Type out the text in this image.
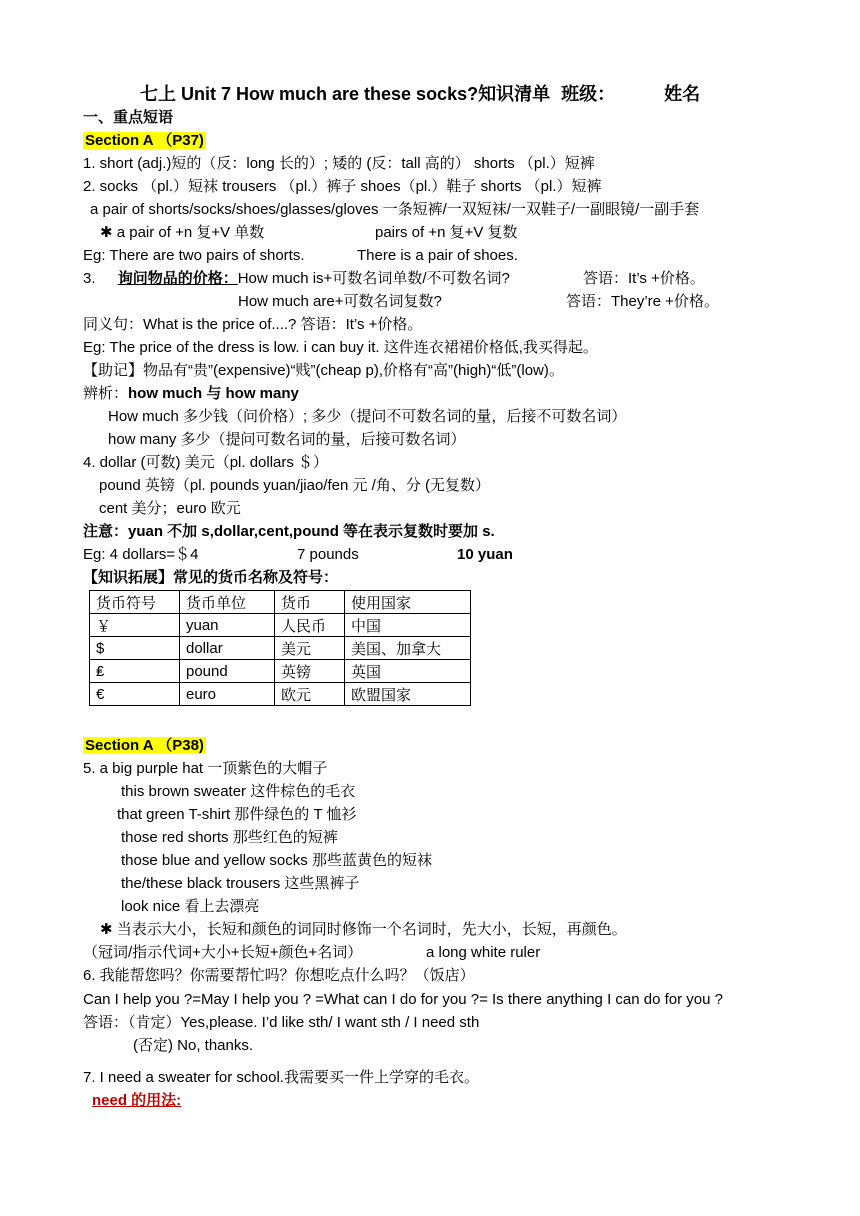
七上 Unit 7 How much are these socks?知识清单 班级：	姓名
一、重点短语
Section A （P37)
1. short (adj.)短的（反：long 长的）; 矮的 (反：tall 高的） shorts （pl.）短裤
2. socks （pl.）短袜 trousers （pl.）裤子 shoes（pl.）鞋子 shorts （pl.）短裤
a pair of shorts/socks/shoes/glasses/gloves 一条短裤/一双短袜/一双鞋子/一副眼镜/一副手套
✱ a pair of +n 复+V 单数	pairs of +n 复+V 复数
Eg: There are two pairs of shorts.	There is a pair of shoes.
3. 询问物品的价格：How much is+可数名词单数/不可数名词?	答语：It’s +价格。
How much are+可数名词复数?	答语：They’re +价格。
同义句：What is the price of....? 答语：It’s +价格。
Eg: The price of the dress is low. i can buy it. 这件连衣裙裙价格低,我买得起。
【助记】物品有“贵”(expensive)“贱”(cheap p),价格有“高”(high)“低”(low)。
辨析：how much 与 how many
How much 多少钱（问价格）; 多少（提问不可数名词的量，后接不可数名词）
how many 多少（提问可数名词的量，后接可数名词）
4. dollar (可数) 美元（pl. dollars ＄）
pound 英镑（pl. pounds yuan/jiao/fen 元 /角、分 (无复数）
cent 美分；euro 欧元
注意：yuan 不加 s,dollar,cent,pound 等在表示复数时要加 s.
Eg: 4 dollars=＄4	7 pounds	10 yuan
【知识拓展】常见的货币名称及符号：
货币符号	货币单位	货币	使用国家
￥	yuan	人民币	中国
$	dollar	美元	美国、加拿大
₤	pound	英镑	英国
€	euro	欧元	欧盟国家
Section A （P38)
5. a big purple hat 一顶紫色的大帽子
this brown sweater 这件棕色的毛衣
that green T-shirt 那件绿色的 T 恤衫
those red shorts 那些红色的短裤
those blue and yellow socks 那些蓝黄色的短袜
the/these black trousers 这些黑裤子
look nice 看上去漂亮
✱ 当表示大小，长短和颜色的词同时修饰一个名词时，先大小，长短，再颜色。
（冠词/指示代词+大小+长短+颜色+名词）	a long white ruler
6. 我能帮您吗？你需要帮忙吗？你想吃点什么吗？（饭店）
Can I help you ?=May I help you ? =What can I do for you ?= Is there anything I can do for you ?
答语：（肯定）Yes,please. I’d like sth/ I want sth / I need sth
(否定) No, thanks.
7. I need a sweater for school.我需要买一件上学穿的毛衣。
need 的用法:
